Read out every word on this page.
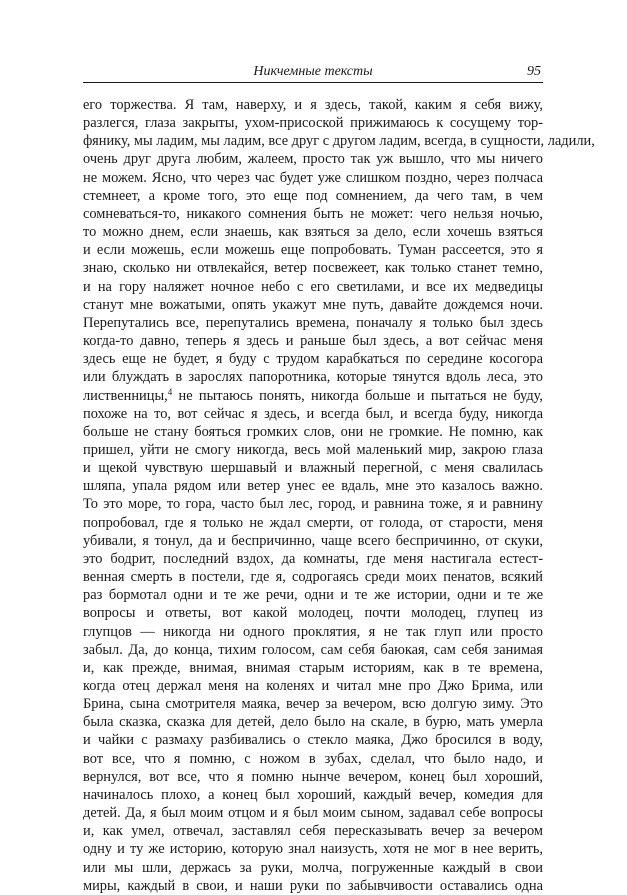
Никчемные тексты	95
его торжества. Я там, наверху, и я здесь, такой, каким я себя вижу,
разлегся, глаза закрыты, ухом-присоской прижимаюсь к сосущему тор-
фянику, мы ладим, мы ладим, все друг с другом ладим, всегда, в сущности, ладили,
очень друг друга любим, жалеем, просто так уж вышло, что мы ничего
не можем. Ясно, что через час будет уже слишком поздно, через полчаса
стемнеет, а кроме того, это еще под сомнением, да чего там, в чем
сомневаться-то, никакого сомнения быть не может: чего нельзя ночью,
то можно днем, если знаешь, как взяться за дело, если хочешь взяться
и если можешь, если можешь еще попробовать. Туман рассеется, это я
знаю, сколько ни отвлекайся, ветер посвежеет, как только станет темно,
и на гору наляжет ночное небо с его светилами, и все их медведицы
станут мне вожатыми, опять укажут мне путь, давайте дождемся ночи.
Перепутались все, перепутались времена, поначалу я только был здесь
когда-то давно, теперь я здесь и раньше был здесь, а вот сейчас меня
здесь еще не будет, я буду с трудом карабкаться по середине косогора
или блуждать в зарослях папоротника, которые тянутся вдоль леса, это
лиственницы,$^4$ не пытаюсь понять, никогда больше и пытаться не буду,
похоже на то, вот сейчас я здесь, и всегда был, и всегда буду, никогда
больше не стану бояться громких слов, они не громкие. Не помню, как
пришел, уйти не смогу никогда, весь мой маленький мир, закрою глаза
и щекой чувствую шершавый и влажный перегной, с меня свалилась
шляпа, упала рядом или ветер унес ее вдаль, мне это казалось важно.
То это море, то гора, часто был лес, город, и равнина тоже, я и равнину
попробовал, где я только не ждал смерти, от голода, от старости, меня
убивали, я тонул, да и беспричинно, чаще всего беспричинно, от скуки,
это бодрит, последний вздох, да комнаты, где меня настигала естест-
венная смерть в постели, где я, содрогаясь среди моих пенатов, всякий
раз бормотал одни и те же речи, одни и те же истории, одни и те же
вопросы и ответы, вот какой молодец, почти молодец, глупец из
глупцов — никогда ни одного проклятия, я не так глуп или просто
забыл. Да, до конца, тихим голосом, сам себя баюкая, сам себя занимая
и, как прежде, внимая, внимая старым историям, как в те времена,
когда отец держал меня на коленях и читал мне про Джо Брима, или
Брина, сына смотрителя маяка, вечер за вечером, всю долгую зиму. Это
была сказка, сказка для детей, дело было на скале, в бурю, мать умерла
и чайки с размаху разбивались о стекло маяка, Джо бросился в воду,
вот все, что я помню, с ножом в зубах, сделал, что было надо, и
вернулся, вот все, что я помню нынче вечером, конец был хороший,
начиналось плохо, а конец был хороший, каждый вечер, комедия для
детей. Да, я был моим отцом и я был моим сыном, задавал себе вопросы
и, как умел, отвечал, заставлял себя пересказывать вечер за вечером
одну и ту же историю, которую знал наизусть, хотя не мог в нее верить,
или мы шли, держась за руки, молча, погруженные каждый в свои
миры, каждый в свои, и наши руки по забывчивости оставались одна
